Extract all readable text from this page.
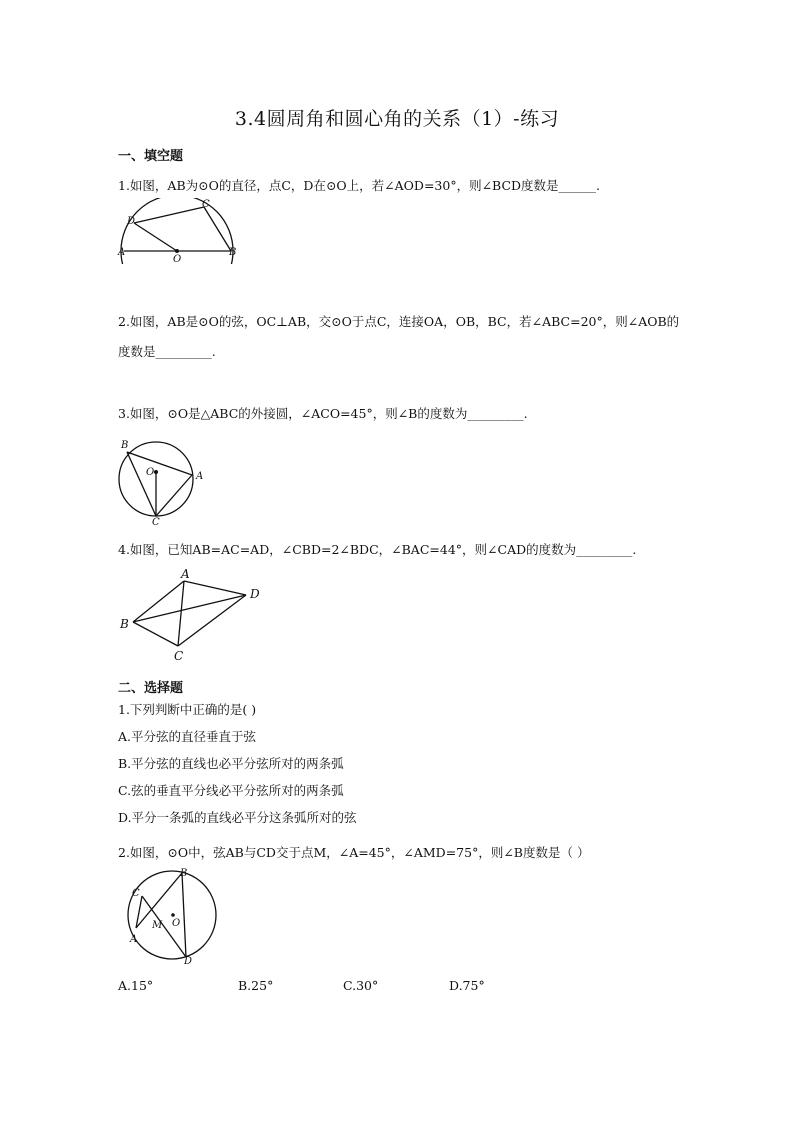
3.4圆周角和圆心角的关系（1）-练习
一、填空题
1.如图，AB为⊙O的直径，点C，D在⊙O上，若∠AOD=30°，则∠BCD度数是______.
D
C
A
O
B
2.如图，AB是⊙O的弦，OC⊥AB，交⊙O于点C，连接OA，OB，BC，若∠ABC=20°，则∠AOB的
度数是_________.
3.如图，⊙O是△ABC的外接圆，∠ACO=45°，则∠B的度数为_________.
B
O	A
C
4.如图，已知AB=AC=AD，∠CBD=2∠BDC，∠BAC=44°，则∠CAD的度数为_________.
A
D
B
C
二、选择题
1.下列判断中正确的是( )
A.平分弦的直径垂直于弦
B.平分弦的直线也必平分弦所对的两条弧
C.弦的垂直平分线必平分弦所对的两条弧
D.平分一条弧的直线必平分这条弧所对的弦
2.如图，⊙O中，弦AB与CD交于点M，∠A=45°，∠AMD=75°，则∠B度数是（ ）
B
C
O
M
A
D
A.15°	B.25°	C.30°	D.75°
